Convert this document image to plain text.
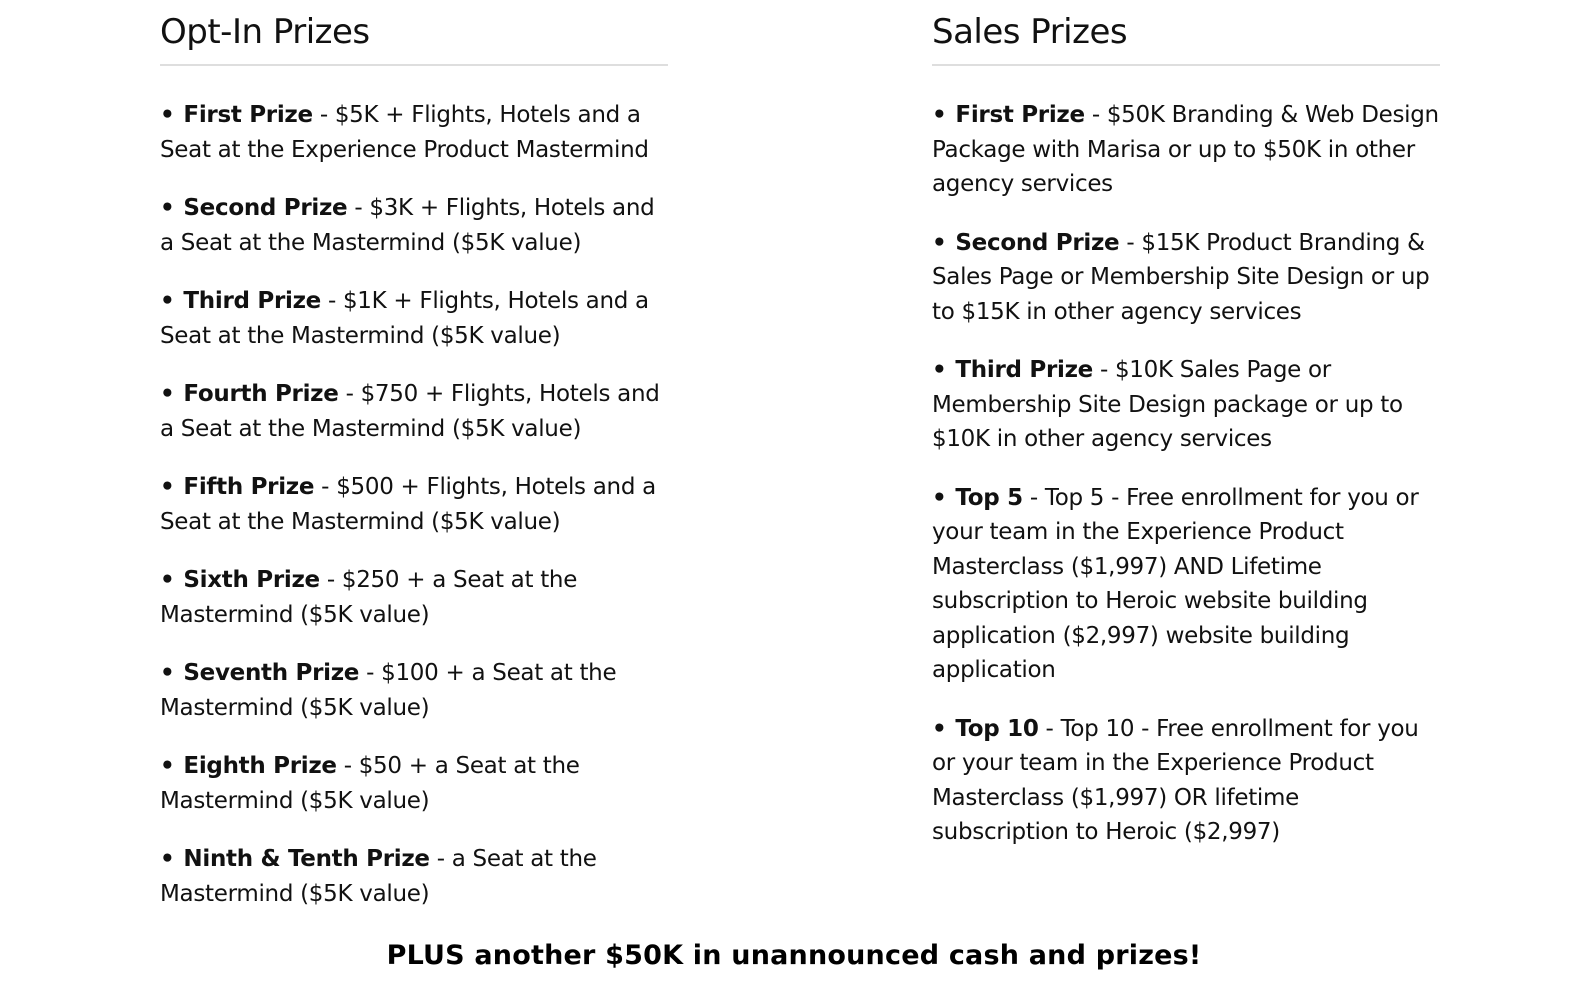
Opt-In Prizes
• First Prize - $5K + Flights, Hotels and a Seat at the Experience Product Mastermind
• Second Prize - $3K + Flights, Hotels and a Seat at the Mastermind ($5K value)
• Third Prize - $1K + Flights, Hotels and a Seat at the Mastermind ($5K value)
• Fourth Prize - $750 + Flights, Hotels and a Seat at the Mastermind ($5K value)
• Fifth Prize - $500 + Flights, Hotels and a Seat at the Mastermind ($5K value)
• Sixth Prize - $250 + a Seat at the Mastermind ($5K value)
• Seventh Prize - $100 + a Seat at the Mastermind ($5K value)
• Eighth Prize - $50 + a Seat at the Mastermind ($5K value)
• Ninth & Tenth Prize - a Seat at the Mastermind ($5K value)
Sales Prizes
• First Prize - $50K Branding & Web Design Package with Marisa or up to $50K in other agency services
• Second Prize - $15K Product Branding & Sales Page or Membership Site Design or up to $15K in other agency services
• Third Prize - $10K Sales Page or Membership Site Design package or up to $10K in other agency services
• Top 5 - Top 5 - Free enrollment for you or your team in the Experience Product Masterclass ($1,997) AND Lifetime subscription to Heroic website building application ($2,997) website building application
• Top 10 - Top 10 - Free enrollment for you or your team in the Experience Product Masterclass ($1,997) OR lifetime subscription to Heroic ($2,997)

PLUS another $50K in unannounced cash and prizes!
